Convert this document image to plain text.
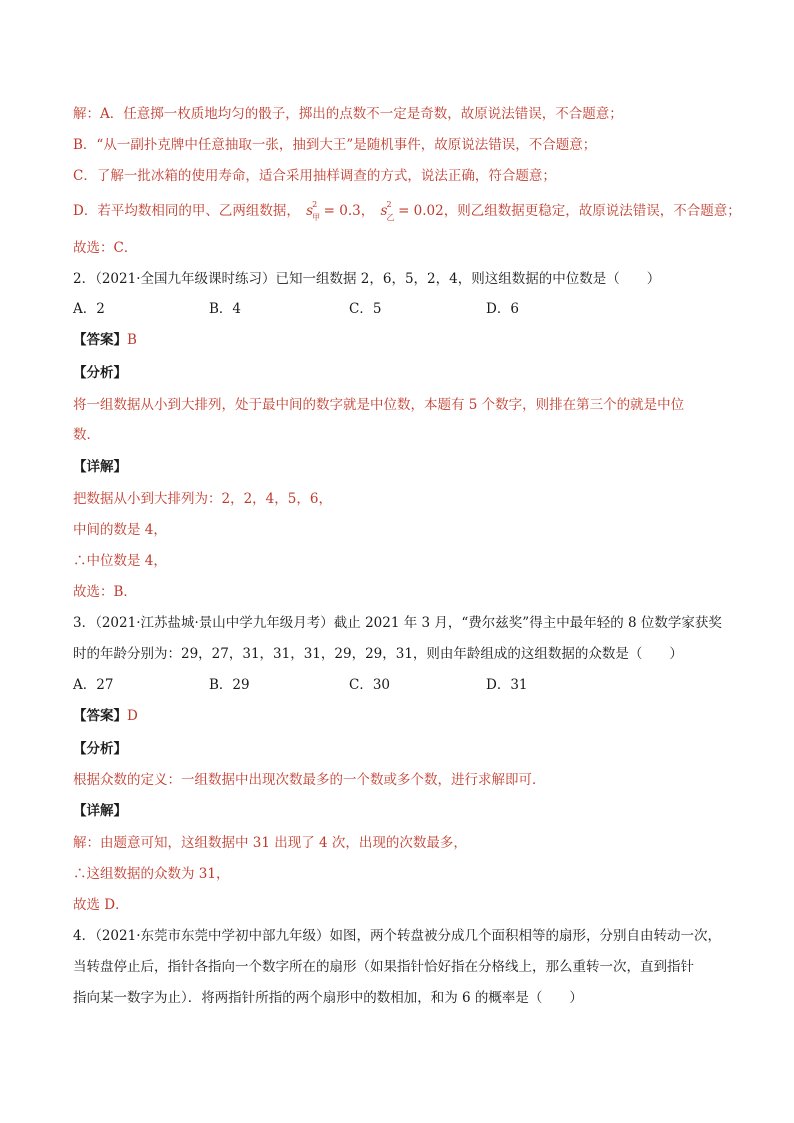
解：A．任意掷一枚质地均匀的骰子，掷出的点数不一定是奇数，故原说法错误，不合题意；
B．“从一副扑克牌中任意抽取一张，抽到大王”是随机事件，故原说法错误，不合题意；
C．了解一批冰箱的使用寿命，适合采用抽样调查的方式，说法正确，符合题意；
D．若平均数相同的甲、乙两组数据， s 2
甲 = 0.3， s 2
乙 = 0.02，则乙组数据更稳定，故原说法错误，不合题意；
故选：C．
2．（2021·全国九年级课时练习）已知一组数据 2，6，5，2，4，则这组数据的中位数是（　　）
A．2	B．4	C．5	D．6
【答案】B
【分析】
将一组数据从小到大排列，处于最中间的数字就是中位数，本题有 5 个数字，则排在第三个的就是中位
数．
【详解】
把数据从小到大排列为：2，2，4，5，6，
中间的数是 4，
∴中位数是 4，
故选：B．
3．（2021·江苏盐城·景山中学九年级月考）截止 2021 年 3 月，“费尔兹奖”得主中最年轻的 8 位数学家获奖
时的年龄分别为：29，27，31，31，31，29，29，31，则由年龄组成的这组数据的众数是（　　）
A．27	B．29	C．30	D．31
【答案】D
【分析】
根据众数的定义：一组数据中出现次数最多的一个数或多个数，进行求解即可．
【详解】
解：由题意可知，这组数据中 31 出现了 4 次，出现的次数最多，
∴这组数据的众数为 31，
故选 D．
4．（2021·东莞市东莞中学初中部九年级）如图，两个转盘被分成几个面积相等的扇形，分别自由转动一次，
当转盘停止后，指针各指向一个数字所在的扇形（如果指针恰好指在分格线上，那么重转一次，直到指针
指向某一数字为止）．将两指针所指的两个扇形中的数相加，和为 6 的概率是（　　）
